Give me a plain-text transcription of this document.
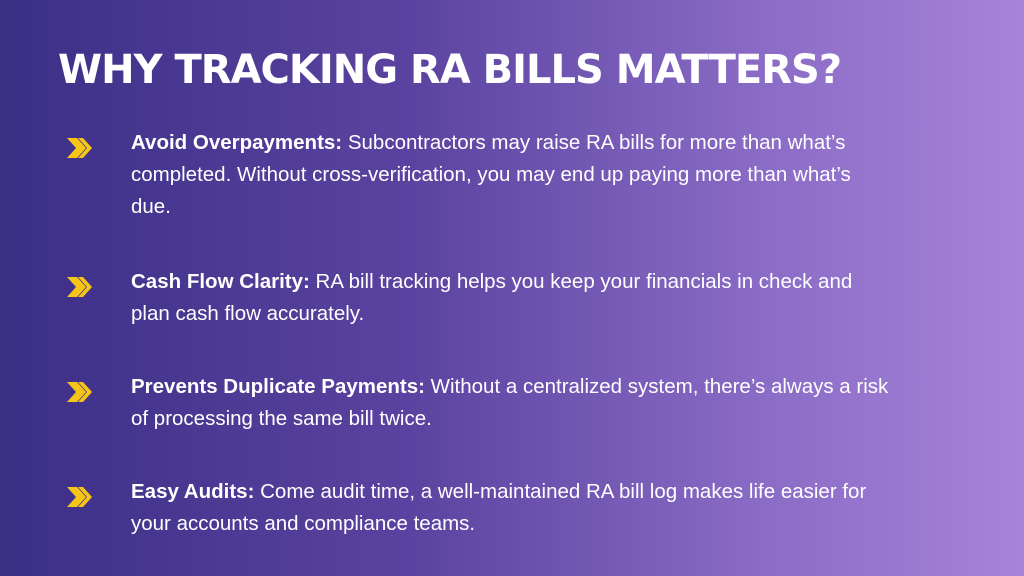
WHY TRACKING RA BILLS MATTERS?
Avoid Overpayments: Subcontractors may raise RA bills for more than what’s completed. Without cross-verification, you may end up paying more than what’s due.
Cash Flow Clarity: RA bill tracking helps you keep your financials in check and plan cash flow accurately.
Prevents Duplicate Payments: Without a centralized system, there’s always a risk of processing the same bill twice.
Easy Audits: Come audit time, a well-maintained RA bill log makes life easier for your accounts and compliance teams.
